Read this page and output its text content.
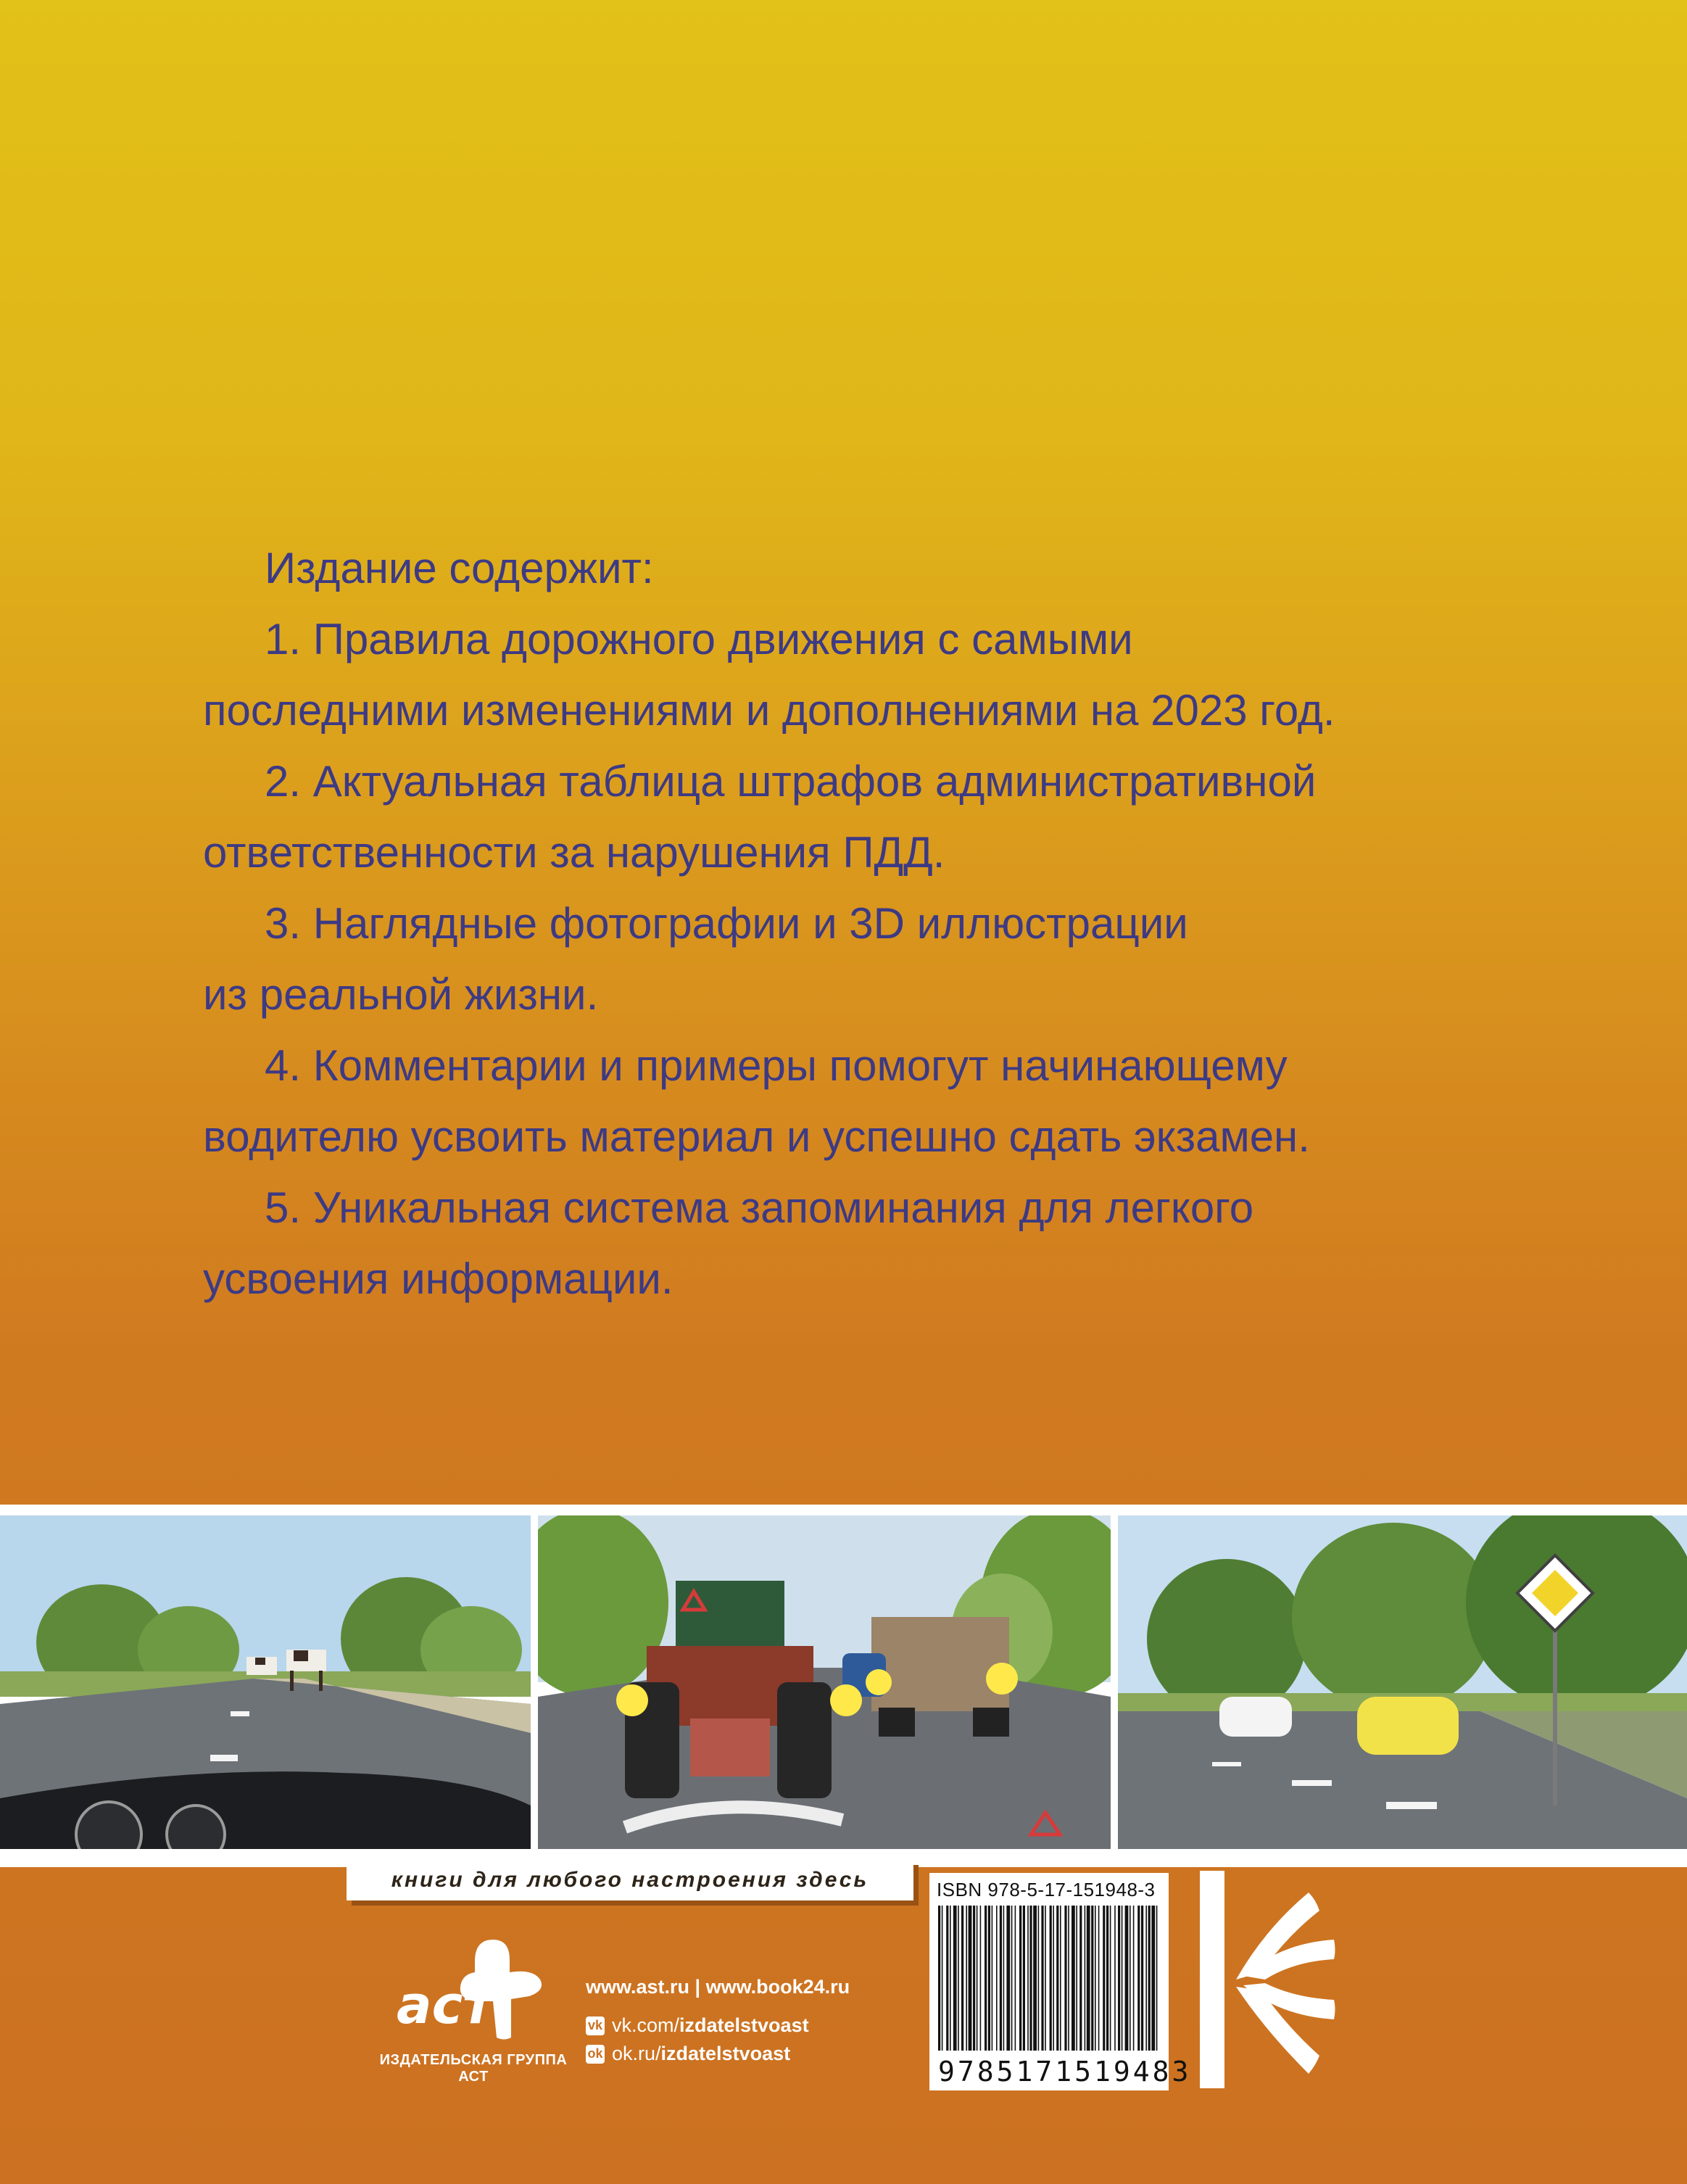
Издание содержит:
1. Правила дорожного движения с самыми
последними изменениями и дополнениями на 2023 год.
2. Актуальная таблица штрафов административной
ответственности за нарушения ПДД.
3. Наглядные фотографии и 3D иллюстрации
из реальной жизни.
4. Комментарии и примеры помогут начинающему
водителю усвоить материал и успешно сдать экзамен.
5. Уникальная система запоминания для легкого
усвоения информации.
книги для любого настроения здесь
аст
ИЗДАТЕЛЬСКАЯ ГРУППА АСТ
www.ast.ru | www.book24.ru
vk vk.com/ izdatelstvoast
ok ok.ru/ izdatelstvoast
ISBN 978-5-17-151948-3
9785171519483
